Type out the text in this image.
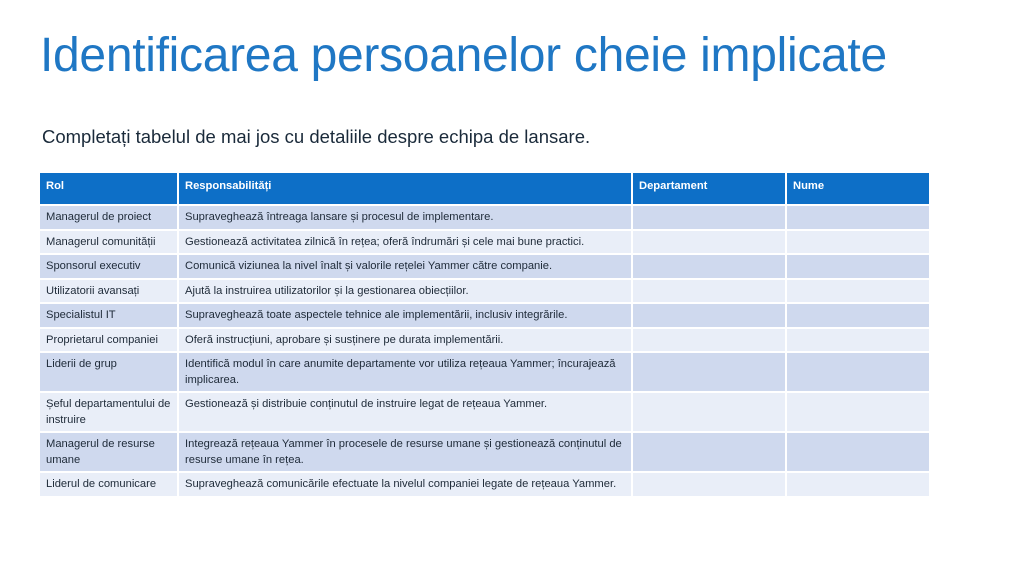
Identificarea persoanelor cheie implicate

Completați tabelul de mai jos cu detaliile despre echipa de lansare.

Rol	Responsabilități	Departament	Nume
Managerul de proiect	Supraveghează întreaga lansare și procesul de implementare.		
Managerul comunității	Gestionează activitatea zilnică în rețea; oferă îndrumări și cele mai bune practici.		
Sponsorul executiv	Comunică viziunea la nivel înalt și valorile rețelei Yammer către companie.		
Utilizatorii avansați	Ajută la instruirea utilizatorilor și la gestionarea obiecțiilor.		
Specialistul IT	Supraveghează toate aspectele tehnice ale implementării, inclusiv integrările.		
Proprietarul companiei	Oferă instrucțiuni, aprobare și susținere pe durata implementării.		
Liderii de grup	Identifică modul în care anumite departamente vor utiliza rețeaua Yammer; încurajează implicarea.		
Șeful departamentului de instruire	Gestionează și distribuie conținutul de instruire legat de rețeaua Yammer.		
Managerul de resurse umane	Integrează rețeaua Yammer în procesele de resurse umane și gestionează conținutul de resurse umane în rețea.		
Liderul de comunicare	Supraveghează comunicările efectuate la nivelul companiei legate de rețeaua Yammer.		
